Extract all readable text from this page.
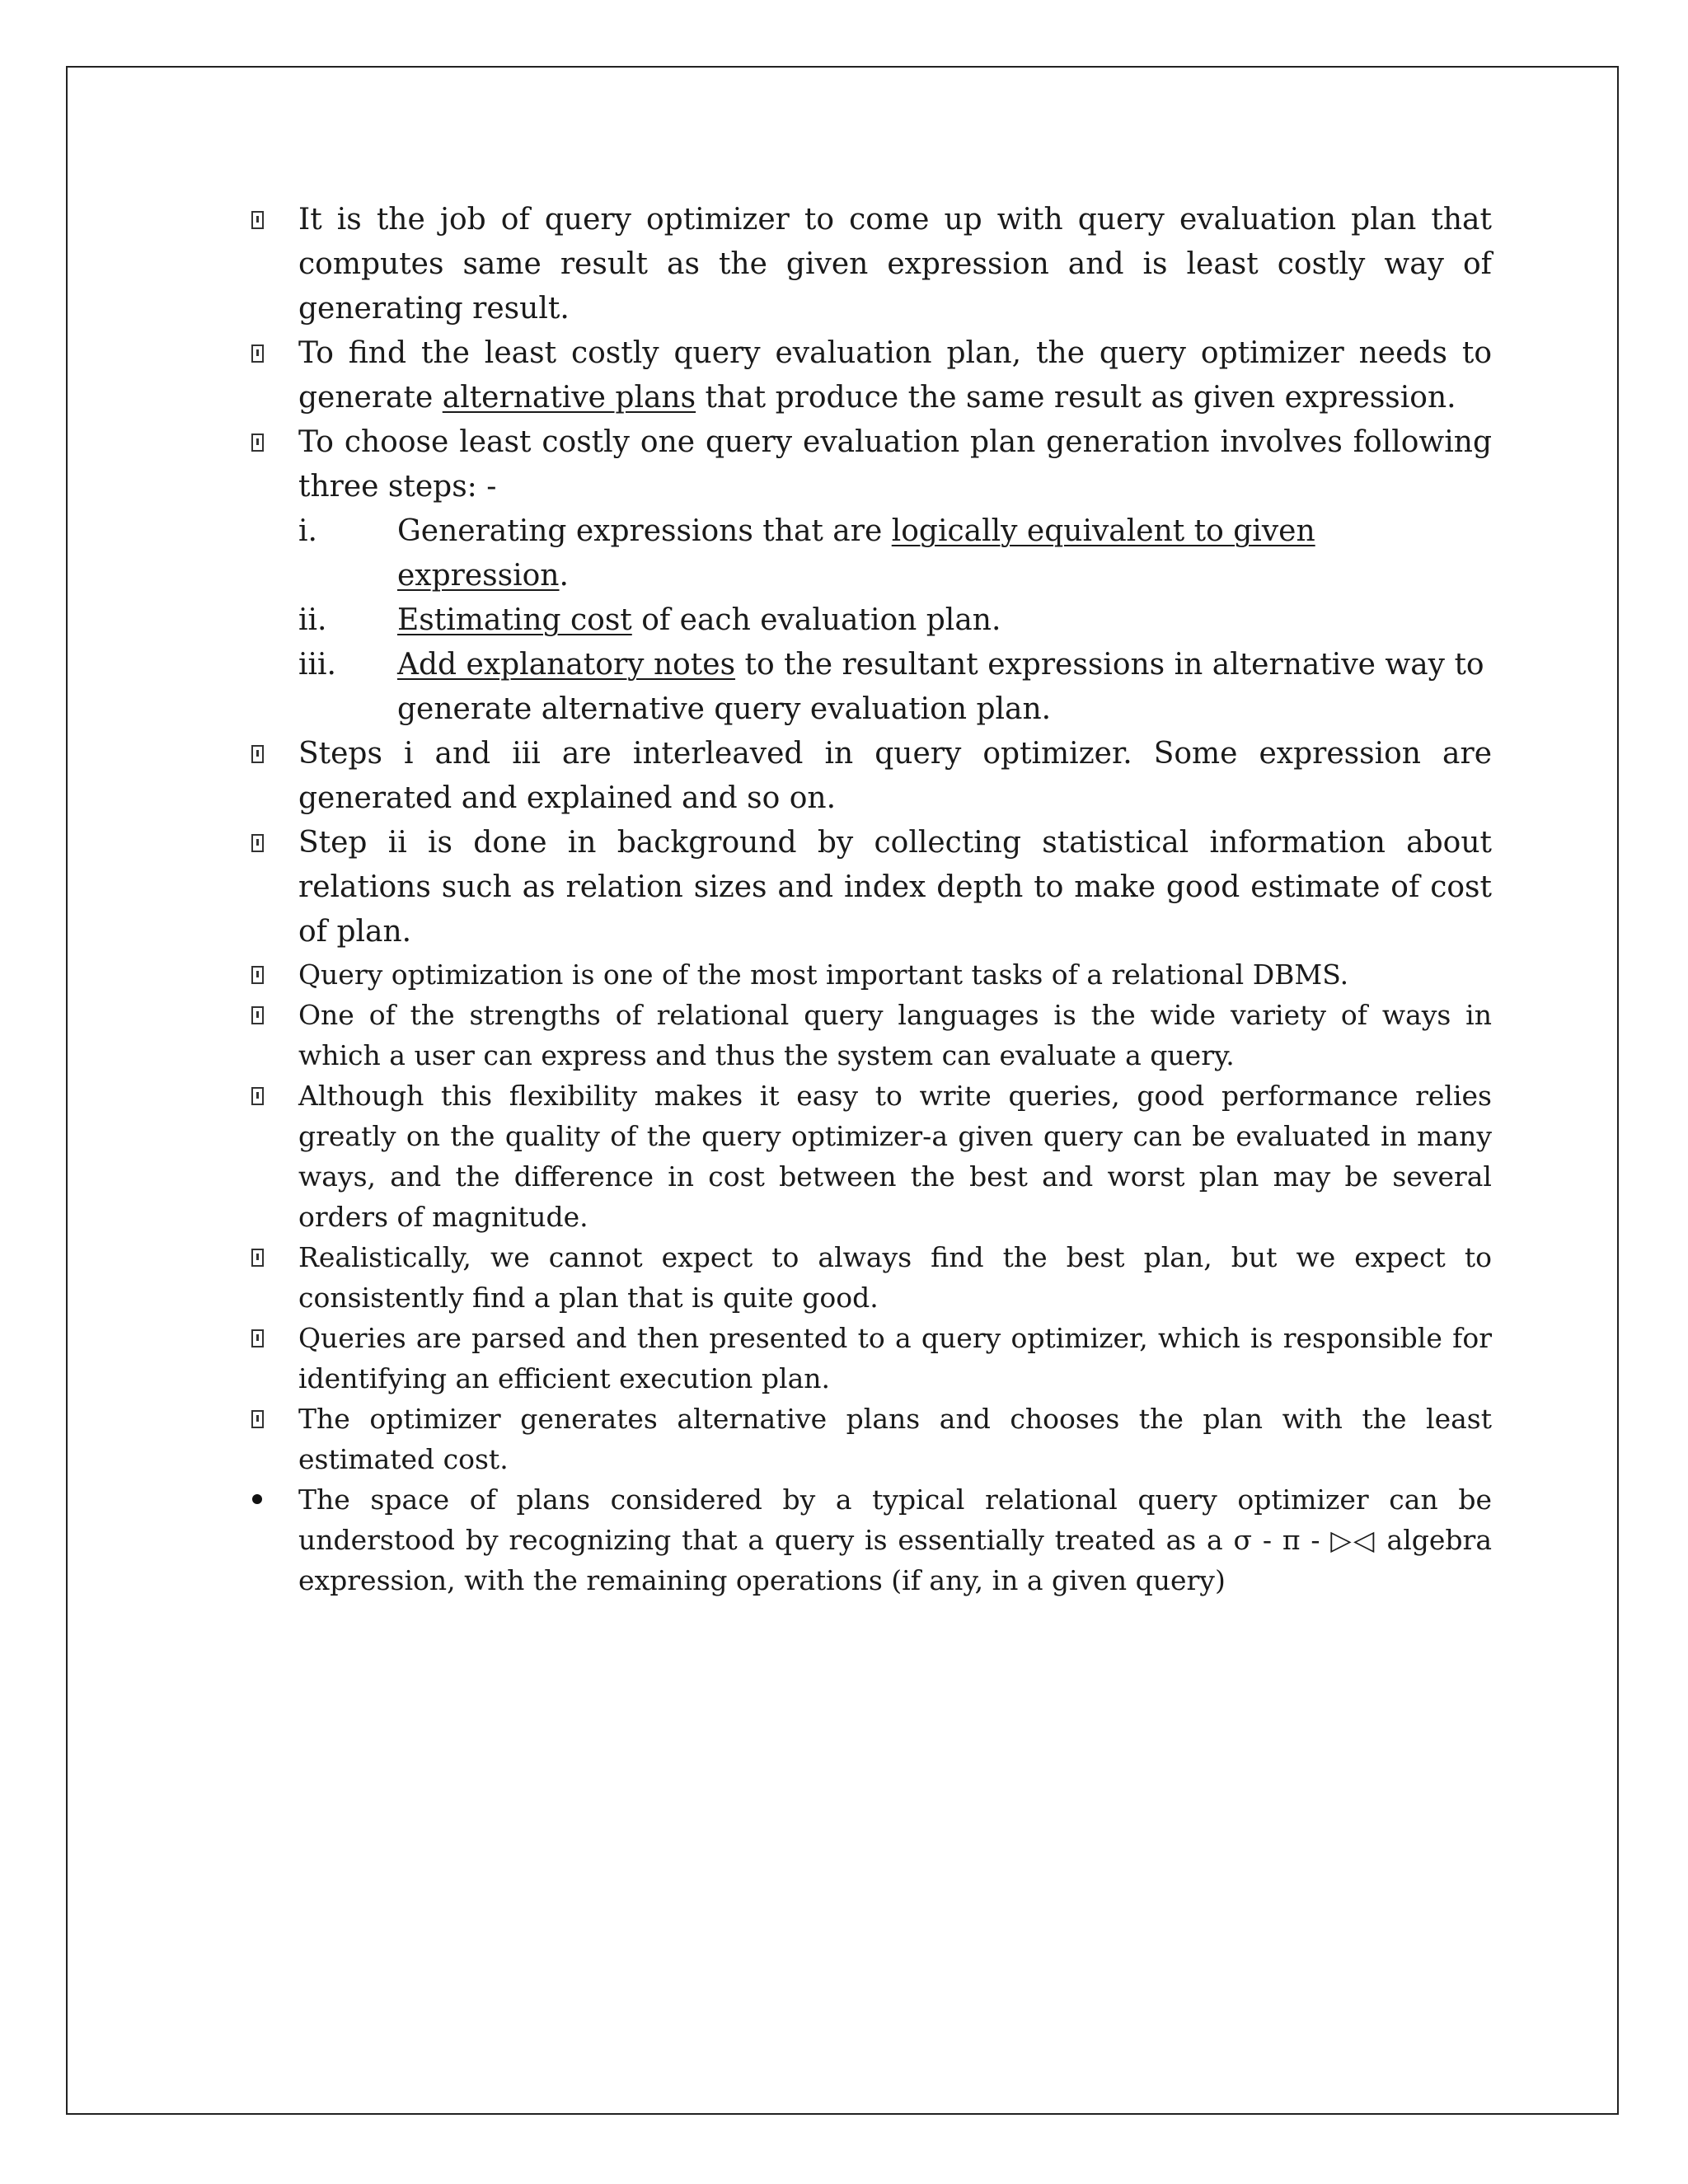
It is the job of query optimizer to come up with query evaluation plan that computes same result as the given expression and is least costly way of generating result.
To find the least costly query evaluation plan, the query optimizer needs to generate alternative plans that produce the same result as given expression.
To choose least costly one query evaluation plan generation involves following three steps: -
i.	Generating expressions that are logically equivalent to given expression.
ii. Estimating cost of each evaluation plan.
iii. Add explanatory notes to the resultant expressions in alternative way to generate alternative query evaluation plan.
Steps i and iii are interleaved in query optimizer. Some expression are generated and explained and so on.
Step ii is done in background by collecting statistical information about relations such as relation sizes and index depth to make good estimate of cost of plan.
Query optimization is one of the most important tasks of a relational DBMS.
One of the strengths of relational query languages is the wide variety of ways in which a user can express and thus the system can evaluate a query.
Although this flexibility makes it easy to write queries, good performance relies greatly on the quality of the query optimizer-a given query can be evaluated in many ways, and the difference in cost between the best and worst plan may be several orders of magnitude.
Realistically, we cannot expect to always find the best plan, but we expect to consistently find a plan that is quite good.
Queries are parsed and then presented to a query optimizer, which is responsible for identifying an efficient execution plan.
The optimizer generates alternative plans and chooses the plan with the least estimated cost.
The space of plans considered by a typical relational query optimizer can be understood by recognizing that a query is essentially treated as a σ - π - ▷◁ algebra expression, with the remaining operations (if any, in a given query)
